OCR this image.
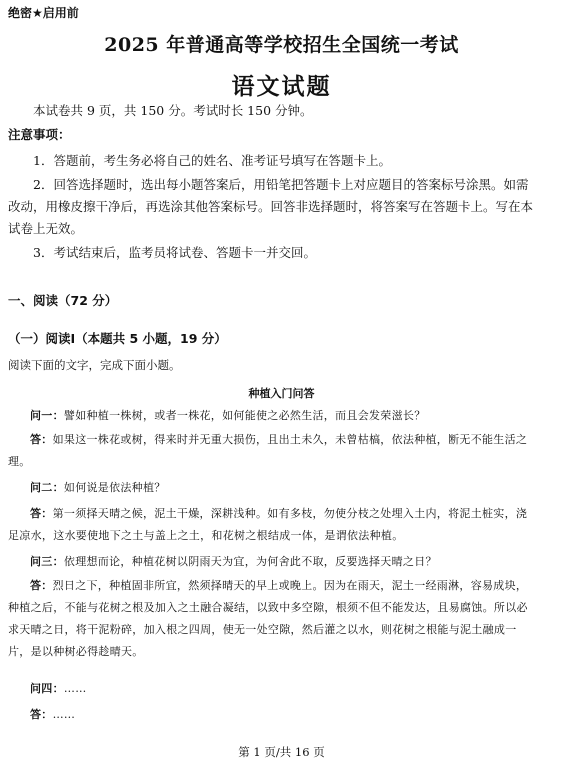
绝密★启用前
2025 年普通高等学校招生全国统一考试
语文试题
本试卷共 9 页，共 150 分。考试时长 150 分钟。
注意事项：
1．答题前，考生务必将自己的姓名、准考证号填写在答题卡上。
2．回答选择题时，选出每小题答案后，用铅笔把答题卡上对应题目的答案标号涂黑。如需改动，用橡皮擦干净后，再选涂其他答案标号。回答非选择题时，将答案写在答题卡上。写在本试卷上无效。
3．考试结束后，监考员将试卷、答题卡一并交回。
一、阅读（72 分）
（一）阅读Ⅰ（本题共 5 小题，19 分）
阅读下面的文字，完成下面小题。
种植入门问答
问一：譬如种植一株树，或者一株花，如何能使之必然生活，而且会发荣滋长？
答：如果这一株花或树，得来时并无重大损伤，且出土未久，未曾枯槁，依法种植，断无不能生活之理。
问二：如何说是依法种植？
答：第一须择天晴之候，泥土干燥，深耕浅种。如有多枝，勿使分枝之处埋入土内，将泥土桩实，浇足凉水，这水要使地下之土与盖上之土，和花树之根结成一体，是谓依法种植。
问三：依理想而论，种植花树以阴雨天为宜，为何舍此不取，反要选择天晴之日？
答：烈日之下，种植固非所宜，然须择晴天的早上或晚上。因为在雨天，泥土一经雨淋，容易成块，种植之后，不能与花树之根及加入之土融合凝结，以致中多空隙，根须不但不能发达，且易腐蚀。所以必求天晴之日，将干泥粉碎，加入根之四周，使无一处空隙，然后灌之以水，则花树之根能与泥土融成一片，是以种树必得趁晴天。
问四：……
答：……
第 1 页/共 16 页
